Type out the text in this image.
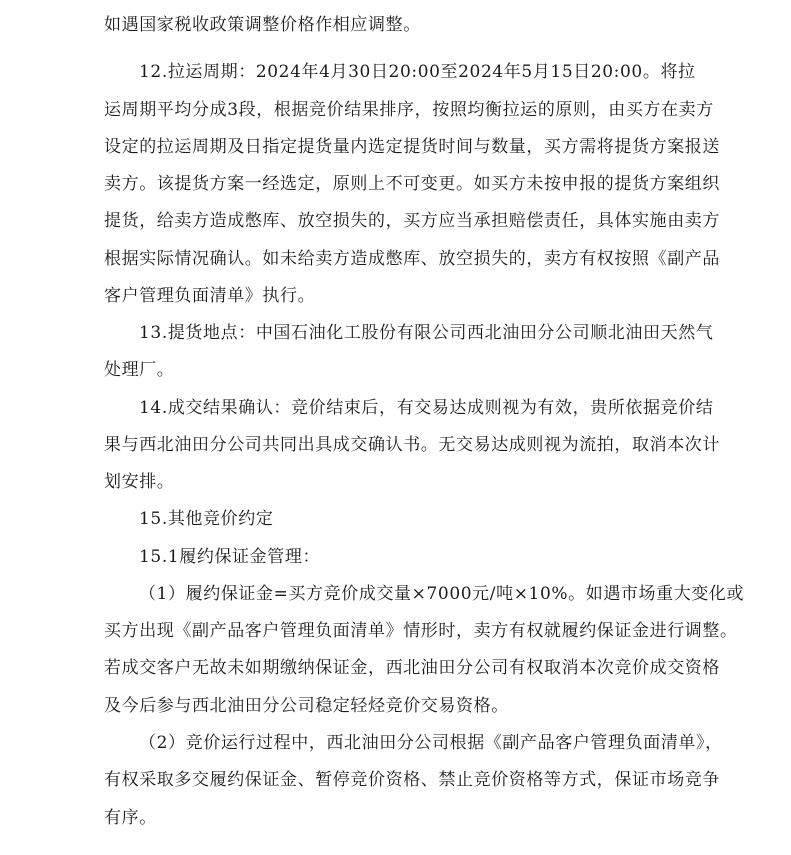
如遇国家税收政策调整价格作相应调整。
12.拉运周期：2024年4月30日20:00至2024年5月15日20:00。将拉
运周期平均分成3段，根据竞价结果排序，按照均衡拉运的原则，由买方在卖方
设定的拉运周期及日指定提货量内选定提货时间与数量，买方需将提货方案报送
卖方。该提货方案一经选定，原则上不可变更。如买方未按申报的提货方案组织
提货，给卖方造成憋库、放空损失的，买方应当承担赔偿责任，具体实施由卖方
根据实际情况确认。如未给卖方造成憋库、放空损失的，卖方有权按照《副产品
客户管理负面清单》执行。
13.提货地点：中国石油化工股份有限公司西北油田分公司顺北油田天然气
处理厂。
14.成交结果确认：竞价结束后，有交易达成则视为有效，贵所依据竞价结
果与西北油田分公司共同出具成交确认书。无交易达成则视为流拍，取消本次计
划安排。
15.其他竞价约定
15.1履约保证金管理：
（1）履约保证金=买方竞价成交量×7000元/吨×10%。如遇市场重大变化或
买方出现《副产品客户管理负面清单》情形时，卖方有权就履约保证金进行调整。
若成交客户无故未如期缴纳保证金，西北油田分公司有权取消本次竞价成交资格
及今后参与西北油田分公司稳定轻烃竞价交易资格。
（2）竞价运行过程中，西北油田分公司根据《副产品客户管理负面清单》，
有权采取多交履约保证金、暂停竞价资格、禁止竞价资格等方式，保证市场竞争
有序。
